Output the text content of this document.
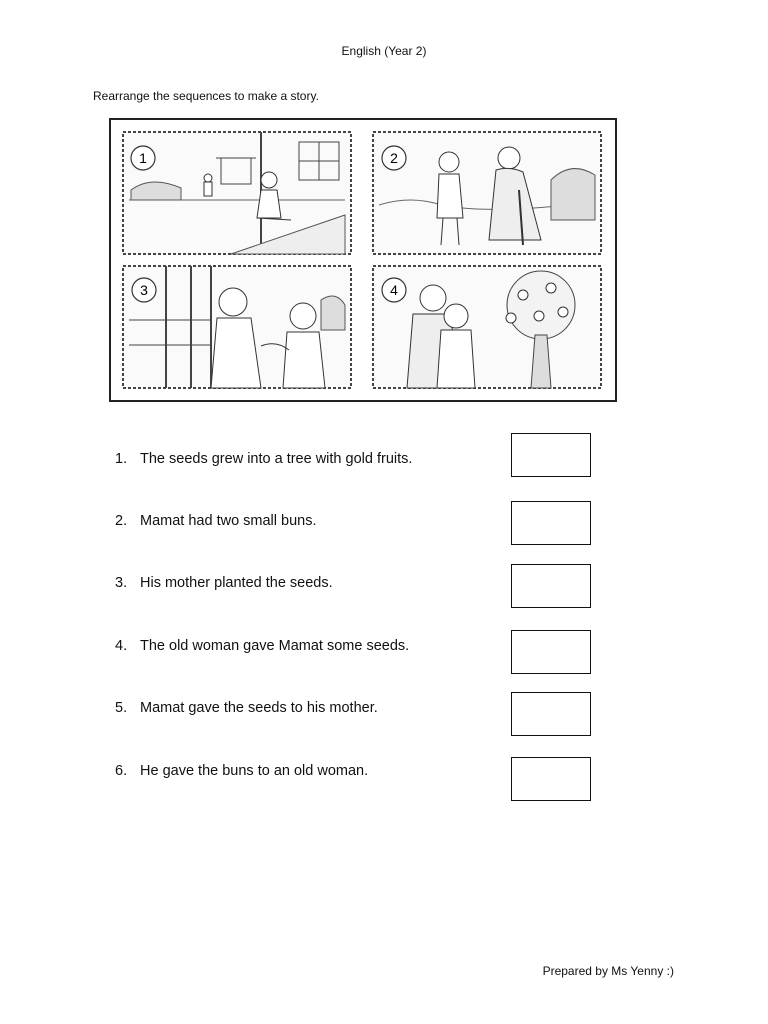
English (Year 2)
Rearrange the sequences to make a story.
1	2
3	4
1. The seeds grew into a tree with gold fruits.
2. Mamat had two small buns.
3. His mother planted the seeds.
4. The old woman gave Mamat some seeds.
5. Mamat gave the seeds to his mother.
6. He gave the buns to an old woman.
Prepared by Ms Yenny :)
